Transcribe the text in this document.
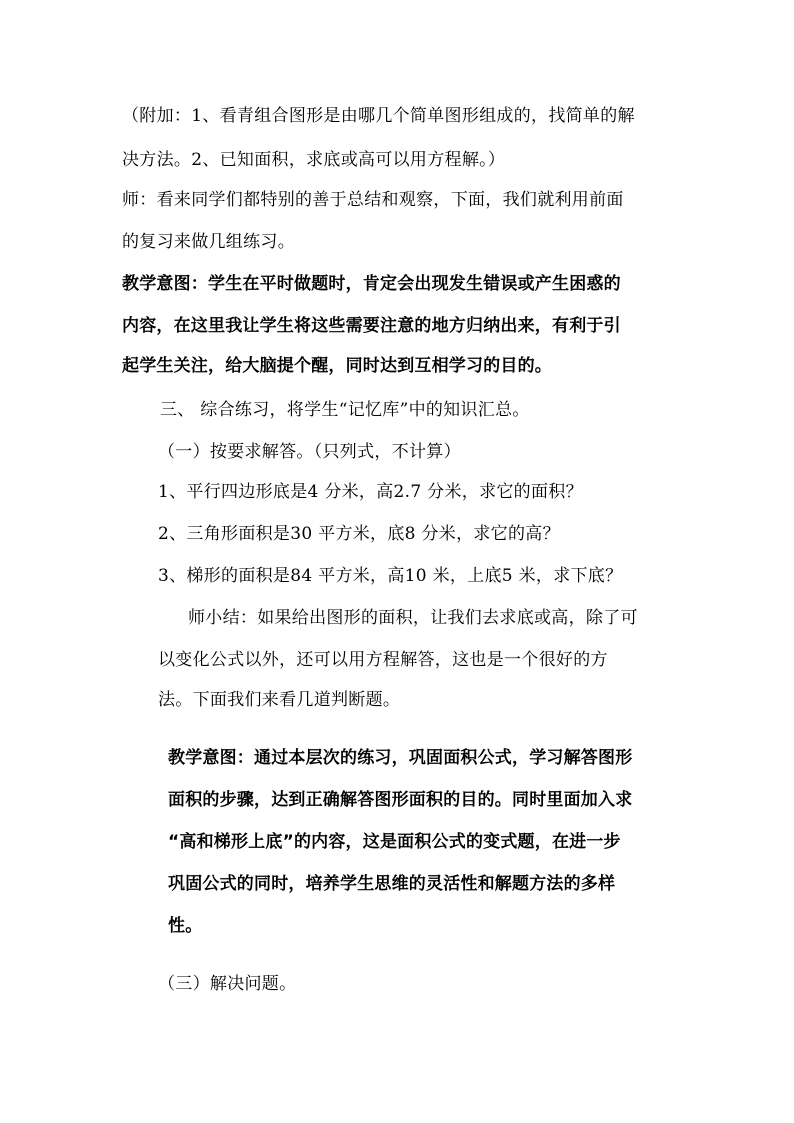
（附加：1、看青组合图形是由哪几个简单图形组成的，找简单的解
决方法。2、已知面积，求底或高可以用方程解。）
师：看来同学们都特别的善于总结和观察，下面，我们就利用前面
的复习来做几组练习。
教学意图：学生在平时做题时，肯定会出现发生错误或产生困惑的
内容，在这里我让学生将这些需要注意的地方归纳出来，有利于引
起学生关注，给大脑提个醒，同时达到互相学习的目的。
三、 综合练习，将学生“记忆库”中的知识汇总。
（一）按要求解答。（只列式，不计算）
1、平行四边形底是4 分米，高2.7 分米，求它的面积？
2、三角形面积是30 平方米，底8 分米，求它的高？
3、梯形的面积是84 平方米，高10 米，上底5 米，求下底？
师小结：如果给出图形的面积，让我们去求底或高，除了可
以变化公式以外，还可以用方程解答，这也是一个很好的方
法。下面我们来看几道判断题。
教学意图：通过本层次的练习，巩固面积公式，学习解答图形
面积的步骤，达到正确解答图形面积的目的。同时里面加入求
“高和梯形上底”的内容，这是面积公式的变式题，在进一步
巩固公式的同时，培养学生思维的灵活性和解题方法的多样
性。
（三）解决问题。
